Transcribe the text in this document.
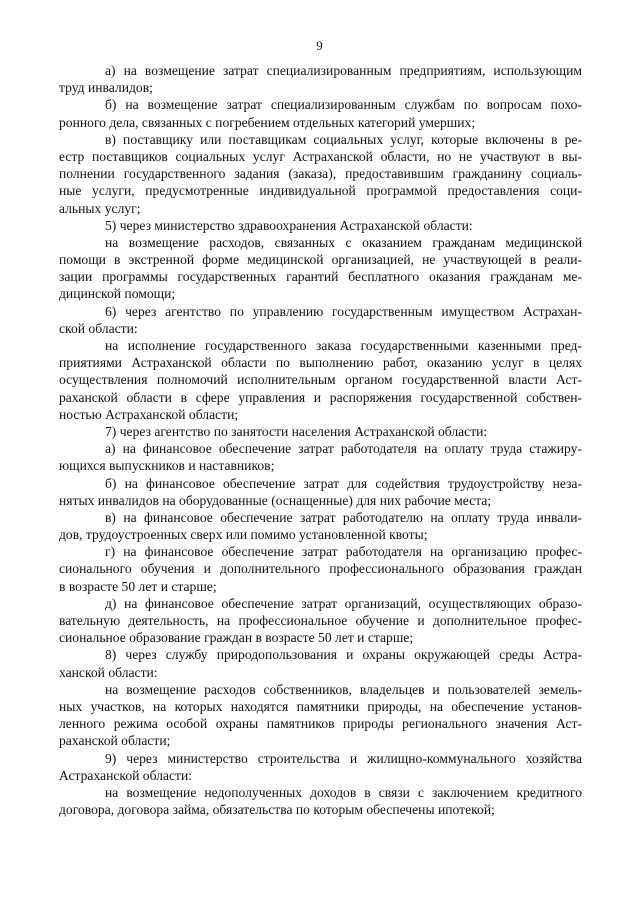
9
а) на возмещение затрат специализированным предприятиям, использующим
труд инвалидов;
б) на возмещение затрат специализированным службам по вопросам похо-
ронного дела, связанных с погребением отдельных категорий умерших;
в) поставщику или поставщикам социальных услуг, которые включены в ре-
естр поставщиков социальных услуг Астраханской области, но не участвуют в вы-
полнении государственного задания (заказа), предоставившим гражданину социаль-
ные услуги, предусмотренные индивидуальной программой предоставления соци-
альных услуг;
5) через министерство здравоохранения Астраханской области:
на возмещение расходов, связанных с оказанием гражданам медицинской
помощи в экстренной форме медицинской организацией, не участвующей в реали-
зации программы государственных гарантий бесплатного оказания гражданам ме-
дицинской помощи;
6) через агентство по управлению государственным имуществом Астрахан-
ской области:
на исполнение государственного заказа государственными казенными пред-
приятиями Астраханской области по выполнению работ, оказанию услуг в целях
осуществления полномочий исполнительным органом государственной власти Аст-
раханской области в сфере управления и распоряжения государственной собствен-
ностью Астраханской области;
7) через агентство по занятости населения Астраханской области:
а) на финансовое обеспечение затрат работодателя на оплату труда стажиру-
ющихся выпускников и наставников;
б) на финансовое обеспечение затрат для содействия трудоустройству неза-
нятых инвалидов на оборудованные (оснащенные) для них рабочие места;
в) на финансовое обеспечение затрат работодателю на оплату труда инвали-
дов, трудоустроенных сверх или помимо установленной квоты;
г) на финансовое обеспечение затрат работодателя на организацию профес-
сионального обучения и дополнительного профессионального образования граждан
в возрасте 50 лет и старше;
д) на финансовое обеспечение затрат организаций, осуществляющих образо-
вательную деятельность, на профессиональное обучение и дополнительное профес-
сиональное образование граждан в возрасте 50 лет и старше;
8) через службу природопользования и охраны окружающей среды Астра-
ханской области:
на возмещение расходов собственников, владельцев и пользователей земель-
ных участков, на которых находятся памятники природы, на обеспечение установ-
ленного режима особой охраны памятников природы регионального значения Аст-
раханской области;
9) через министерство строительства и жилищно-коммунального хозяйства
Астраханской области:
на возмещение недополученных доходов в связи с заключением кредитного
договора, договора займа, обязательства по которым обеспечены ипотекой;
